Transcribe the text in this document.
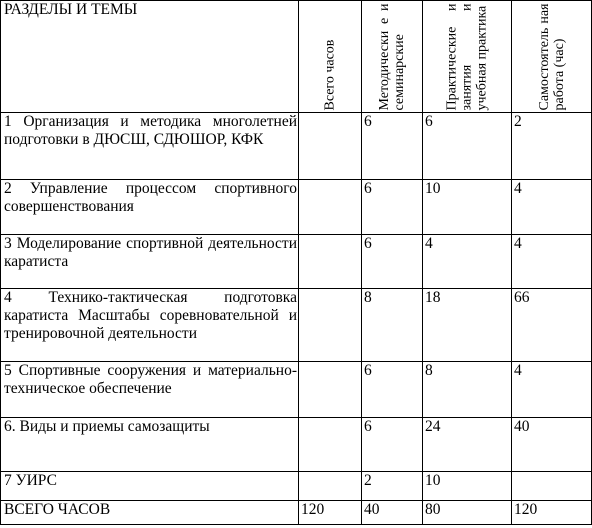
РАЗДЕЛЫ И ТЕМЫ	Всего часов	Методически е и семинарские	Практические и занятия и учебная практика	Самостоятель ная работа (час)

1 Организация и методика многолетней подготовки в ДЮСШ, СДЮШОР, КФК		6	6	2
2 Управление процессом спортивного совершенствования		6	10	4
3 Моделирование спортивной деятельности каратиста		6	4	4
4 Технико-тактическая подготовка каратиста Масштабы соревновательной и тренировочной деятельности		8	18	66
5 Спортивные сооружения и материально-техническое обеспечение		6	8	4
6. Виды и приемы самозащиты		6	24	40
7 УИРС		2	10	
ВСЕГО ЧАСОВ	120	40	80	120
